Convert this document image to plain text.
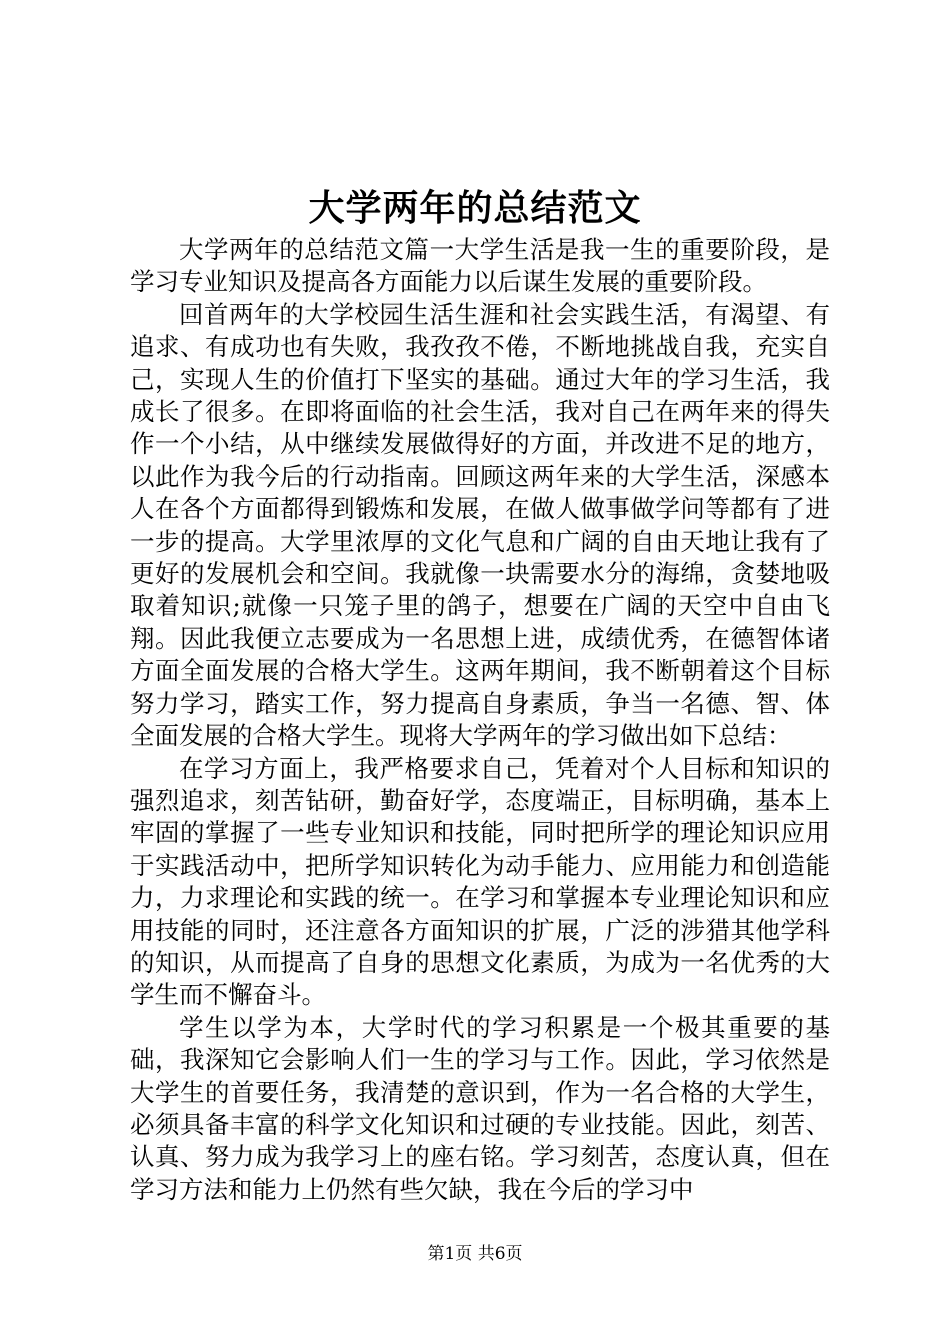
大学两年的总结范文

大学两年的总结范文篇一大学生活是我一生的重要阶段，是学习专业知识及提高各方面能力以后谋生发展的重要阶段。

回首两年的大学校园生活生涯和社会实践生活，有渴望、有追求、有成功也有失败，我孜孜不倦，不断地挑战自我，充实自己，实现人生的价值打下坚实的基础。通过大年的学习生活，我成长了很多。在即将面临的社会生活，我对自己在两年来的得失作一个小结，从中继续发展做得好的方面，并改进不足的地方，以此作为我今后的行动指南。回顾这两年来的大学生活，深感本人在各个方面都得到锻炼和发展，在做人做事做学问等都有了进一步的提高。大学里浓厚的文化气息和广阔的自由天地让我有了更好的发展机会和空间。我就像一块需要水分的海绵，贪婪地吸取着知识;就像一只笼子里的鸽子，想要在广阔的天空中自由飞翔。因此我便立志要成为一名思想上进，成绩优秀，在德智体诸方面全面发展的合格大学生。这两年期间，我不断朝着这个目标努力学习，踏实工作，努力提高自身素质，争当一名德、智、体全面发展的合格大学生。现将大学两年的学习做出如下总结：

在学习方面上，我严格要求自己，凭着对个人目标和知识的强烈追求，刻苦钻研，勤奋好学，态度端正，目标明确，基本上牢固的掌握了一些专业知识和技能，同时把所学的理论知识应用于实践活动中，把所学知识转化为动手能力、应用能力和创造能力，力求理论和实践的统一。在学习和掌握本专业理论知识和应用技能的同时，还注意各方面知识的扩展，广泛的涉猎其他学科的知识，从而提高了自身的思想文化素质，为成为一名优秀的大学生而不懈奋斗。

学生以学为本，大学时代的学习积累是一个极其重要的基础，我深知它会影响人们一生的学习与工作。因此，学习依然是大学生的首要任务，我清楚的意识到，作为一名合格的大学生，必须具备丰富的科学文化知识和过硬的专业技能。因此，刻苦、认真、努力成为我学习上的座右铭。学习刻苦，态度认真，但在学习方法和能力上仍然有些欠缺，我在今后的学习中

第1页 共6页
